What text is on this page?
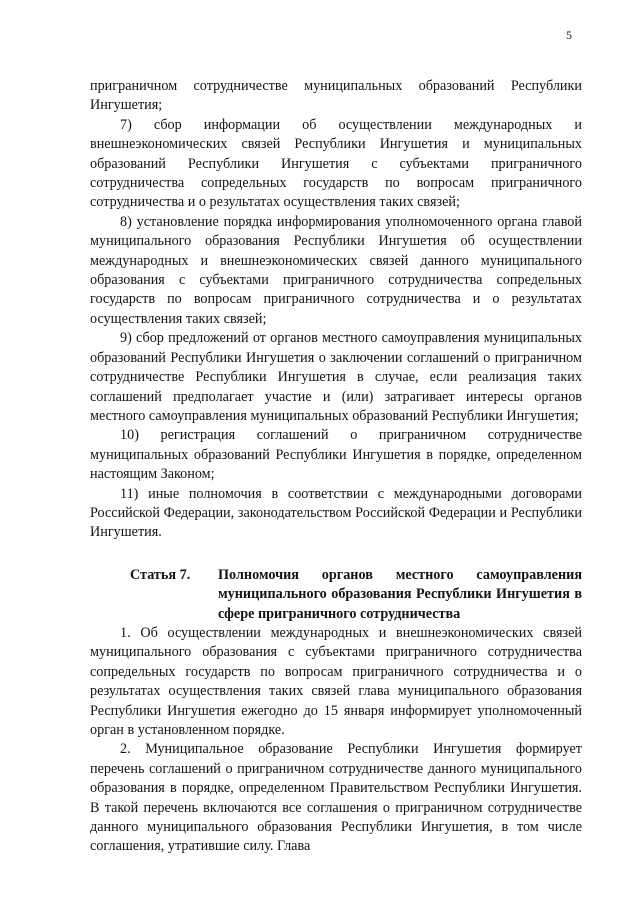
5

приграничном сотрудничестве муниципальных образований Республики Ингушетия;

7) сбор информации об осуществлении международных и внешнеэкономических связей Республики Ингушетия и муниципальных образований Республики Ингушетия с субъектами приграничного сотрудничества сопредельных государств по вопросам приграничного сотрудничества и о результатах осуществления таких связей;

8) установление порядка информирования уполномоченного органа главой муниципального образования Республики Ингушетия об осуществлении международных и внешнеэкономических связей данного муниципального образования с субъектами приграничного сотрудничества сопредельных государств по вопросам приграничного сотрудничества и о результатах осуществления таких связей;

9) сбор предложений от органов местного самоуправления муниципальных образований Республики Ингушетия о заключении соглашений о приграничном сотрудничестве Республики Ингушетия в случае, если реализация таких соглашений предполагает участие и (или) затрагивает интересы органов местного самоуправления муниципальных образований Республики Ингушетия;

10) регистрация соглашений о приграничном сотрудничестве муниципальных образований Республики Ингушетия в порядке, определенном настоящим Законом;

11) иные полномочия в соответствии с международными договорами Российской Федерации, законодательством Российской Федерации и Республики Ингушетия.

Статья 7.	Полномочия органов местного самоуправления муниципального образования Республики Ингушетия в сфере приграничного сотрудничества

1. Об осуществлении международных и внешнеэкономических связей муниципального образования с субъектами приграничного сотрудничества сопредельных государств по вопросам приграничного сотрудничества и о результатах осуществления таких связей глава муниципального образования Республики Ингушетия ежегодно до 15 января информирует уполномоченный орган в установленном порядке.

2. Муниципальное образование Республики Ингушетия формирует перечень соглашений о приграничном сотрудничестве данного муниципального образования в порядке, определенном Правительством Республики Ингушетия. В такой перечень включаются все соглашения о приграничном сотрудничестве данного муниципального образования Республики Ингушетия, в том числе соглашения, утратившие силу. Глава
